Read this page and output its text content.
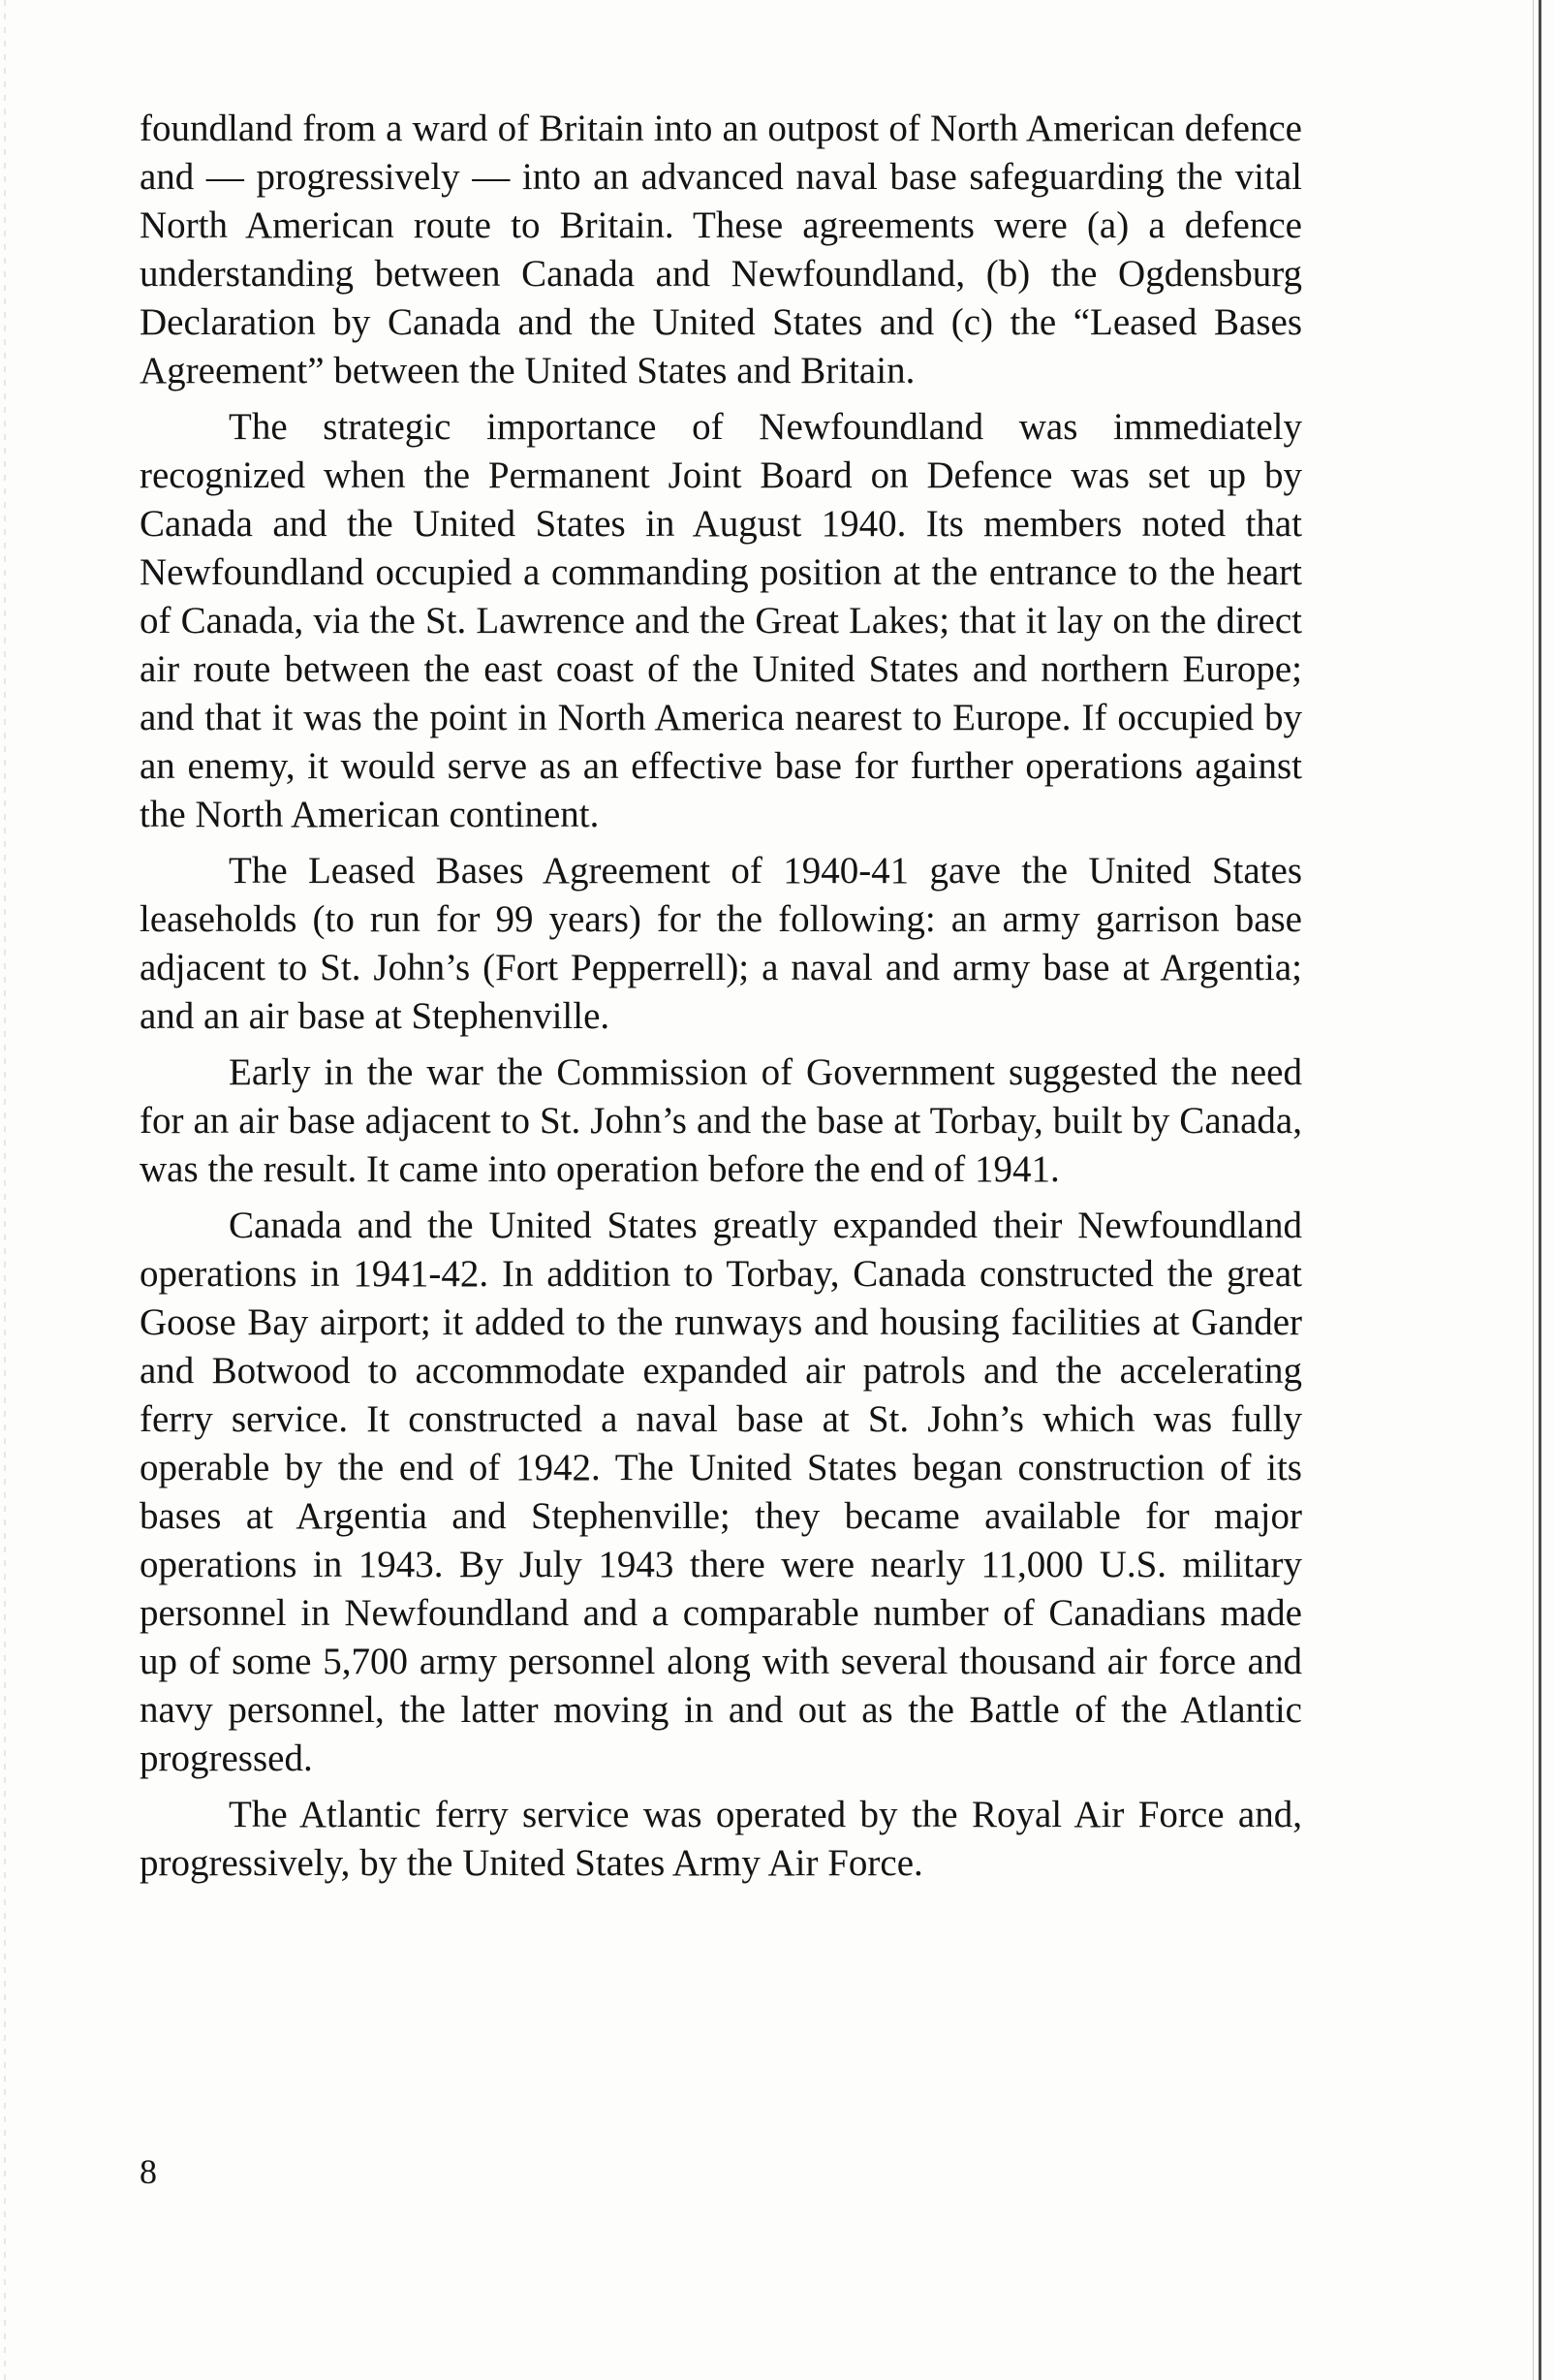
foundland from a ward of Britain into an outpost of North American defence and — progressively — into an advanced naval base safeguarding the vital North American route to Britain. These agreements were (a) a defence understanding between Canada and Newfoundland, (b) the Ogdensburg Declaration by Canada and the United States and (c) the “Leased Bases Agreement” between the United States and Britain.

The strategic importance of Newfoundland was immediately recognized when the Permanent Joint Board on Defence was set up by Canada and the United States in August 1940. Its members noted that Newfoundland occupied a commanding position at the entrance to the heart of Canada, via the St. Lawrence and the Great Lakes; that it lay on the direct air route between the east coast of the United States and northern Europe; and that it was the point in North America nearest to Europe. If occupied by an enemy, it would serve as an effective base for further operations against the North American continent.

The Leased Bases Agreement of 1940-41 gave the United States leaseholds (to run for 99 years) for the following: an army garrison base adjacent to St. John’s (Fort Pepperrell); a naval and army base at Argentia; and an air base at Stephenville.

Early in the war the Commission of Government suggested the need for an air base adjacent to St. John’s and the base at Torbay, built by Canada, was the result. It came into operation before the end of 1941.

Canada and the United States greatly expanded their Newfoundland operations in 1941-42. In addition to Torbay, Canada constructed the great Goose Bay airport; it added to the runways and housing facilities at Gander and Botwood to accommodate expanded air patrols and the accelerating ferry service. It constructed a naval base at St. John’s which was fully operable by the end of 1942. The United States began construction of its bases at Argentia and Stephenville; they became available for major operations in 1943. By July 1943 there were nearly 11,000 U.S. military personnel in Newfoundland and a comparable number of Canadians made up of some 5,700 army personnel along with several thousand air force and navy personnel, the latter moving in and out as the Battle of the Atlantic progressed.

The Atlantic ferry service was operated by the Royal Air Force and, progressively, by the United States Army Air Force.

8
